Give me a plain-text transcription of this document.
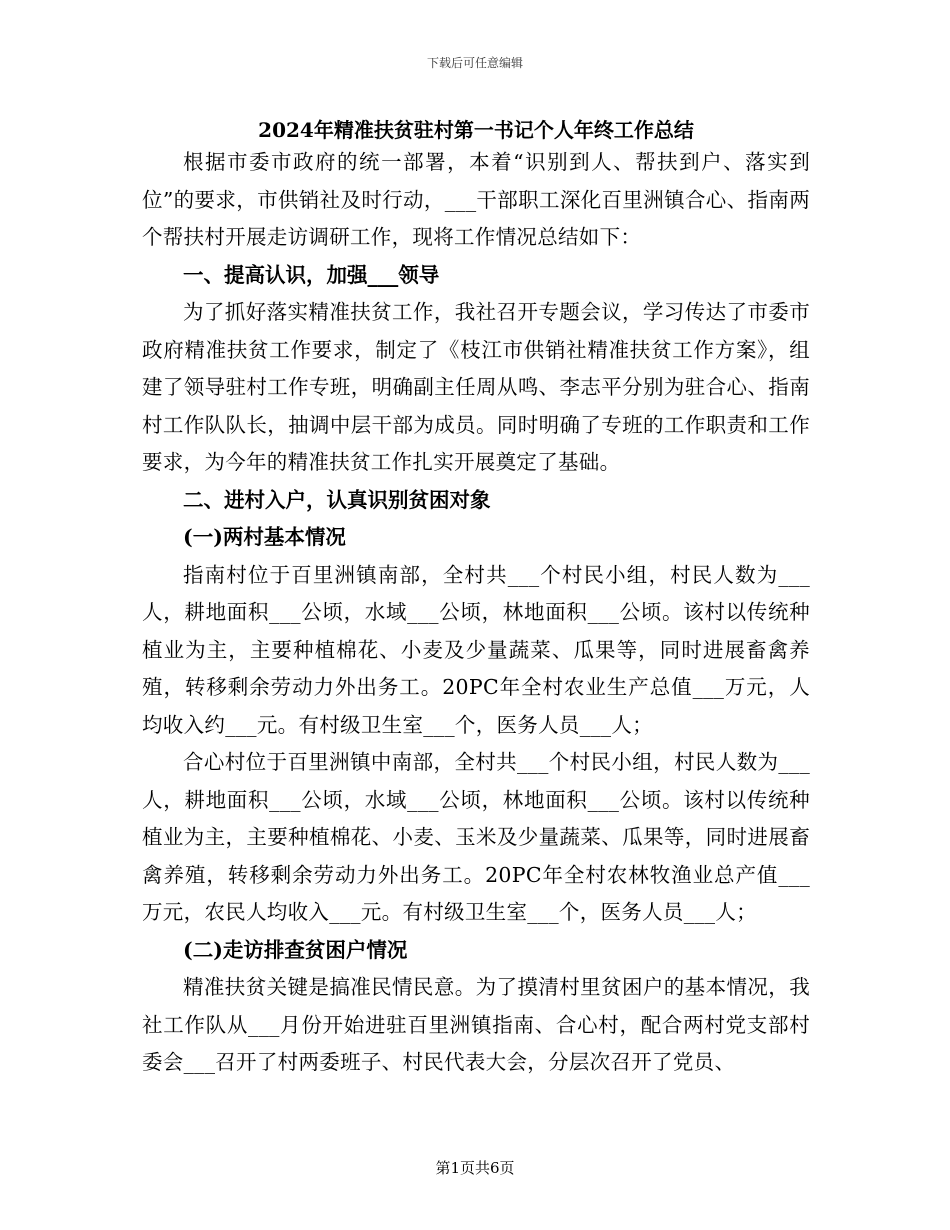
下载后可任意编辑
2024年精准扶贫驻村第一书记个人年终工作总结

根据市委市政府的统一部署，本着“识别到人、帮扶到户、落实到位”的要求，市供销社及时行动，___干部职工深化百里洲镇合心、指南两个帮扶村开展走访调研工作，现将工作情况总结如下：

一、提高认识，加强___领导

为了抓好落实精准扶贫工作，我社召开专题会议，学习传达了市委市政府精准扶贫工作要求，制定了《枝江市供销社精准扶贫工作方案》，组建了领导驻村工作专班，明确副主任周从鸣、李志平分别为驻合心、指南村工作队队长，抽调中层干部为成员。同时明确了专班的工作职责和工作要求，为今年的精准扶贫工作扎实开展奠定了基础。

二、进村入户，认真识别贫困对象

(一)两村基本情况

指南村位于百里洲镇南部，全村共___个村民小组，村民人数为___人，耕地面积___公顷，水域___公顷，林地面积___公顷。该村以传统种植业为主，主要种植棉花、小麦及少量蔬菜、瓜果等，同时进展畜禽养殖，转移剩余劳动力外出务工。20PC年全村农业生产总值___万元，人均收入约___元。有村级卫生室___个，医务人员___人；

合心村位于百里洲镇中南部，全村共___个村民小组，村民人数为___人，耕地面积___公顷，水域___公顷，林地面积___公顷。该村以传统种植业为主，主要种植棉花、小麦、玉米及少量蔬菜、瓜果等，同时进展畜禽养殖，转移剩余劳动力外出务工。20PC年全村农林牧渔业总产值___万元，农民人均收入___元。有村级卫生室___个，医务人员___人；

(二)走访排查贫困户情况

精准扶贫关键是搞准民情民意。为了摸清村里贫困户的基本情况，我社工作队从___月份开始进驻百里洲镇指南、合心村，配合两村党支部村委会___召开了村两委班子、村民代表大会，分层次召开了党员、

第1页共6页
